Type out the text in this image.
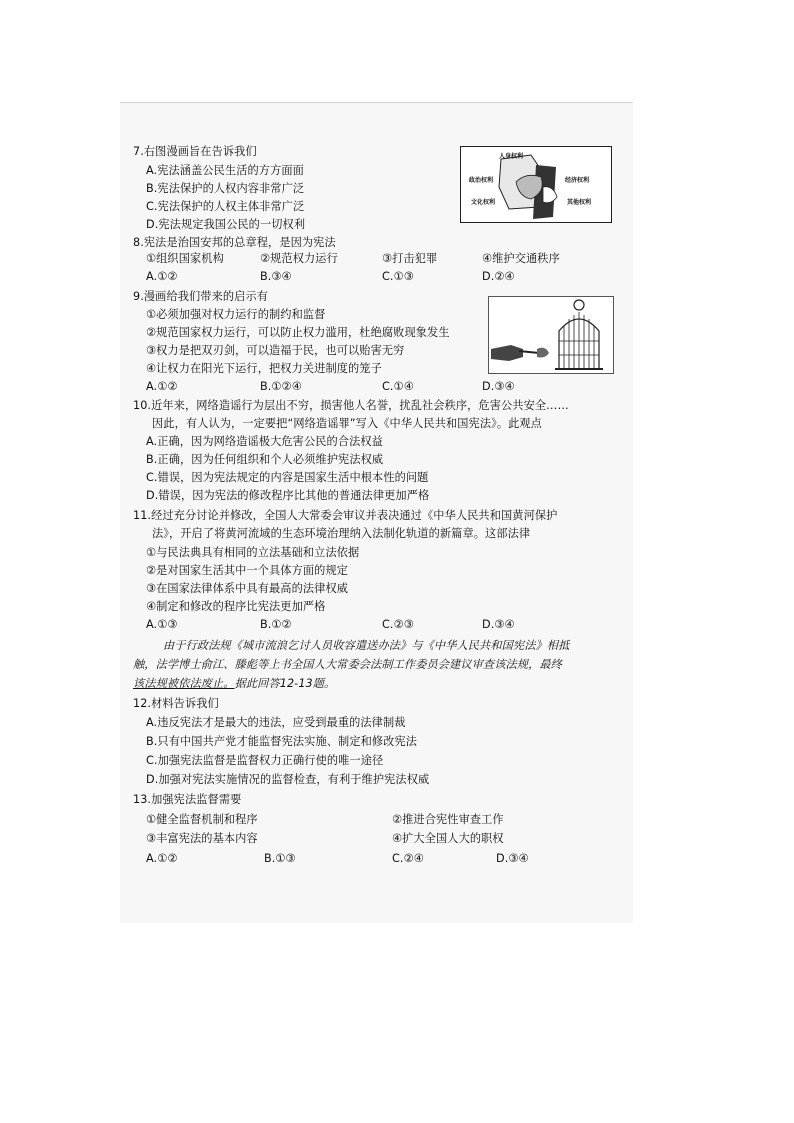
7.右图漫画旨在告诉我们
A.宪法涵盖公民生活的方方面面
B.宪法保护的人权内容非常广泛
C.宪法保护的人权主体非常广泛
D.宪法规定我国公民的一切权利
人身权利
政治权利
文化权利
经济权利
其他权利
8.宪法是治国安邦的总章程，是因为宪法
①组织国家机构	②规范权力运行	③打击犯罪	④维护交通秩序
A.①②	B.③④	C.①③	D.②④
9.漫画给我们带来的启示有
①必须加强对权力运行的制约和监督
②规范国家权力运行，可以防止权力滥用，杜绝腐败现象发生
③权力是把双刃剑，可以造福于民，也可以贻害无穷
④让权力在阳光下运行，把权力关进制度的笼子
A.①②	B.①②④	C.①④	D.③④
10.近年来，网络造谣行为层出不穷，损害他人名誉，扰乱社会秩序，危害公共安全……
因此，有人认为，一定要把“网络造谣罪”写入《中华人民共和国宪法》。此观点
A.正确，因为网络造谣极大危害公民的合法权益
B.正确，因为任何组织和个人必须维护宪法权威
C.错误，因为宪法规定的内容是国家生活中根本性的问题
D.错误，因为宪法的修改程序比其他的普通法律更加严格
11.经过充分讨论并修改，全国人大常委会审议并表决通过《中华人民共和国黄河保护
法》，开启了将黄河流域的生态环境治理纳入法制化轨道的新篇章。这部法律
①与民法典具有相同的立法基础和立法依据
②是对国家生活其中一个具体方面的规定
③在国家法律体系中具有最高的法律权威
④制定和修改的程序比宪法更加严格
A.①③	B.①②	C.②③	D.③④
由于行政法规《城市流浪乞讨人员收容遣送办法》与《中华人民共和国宪法》相抵
触，法学博士俞江、滕彪等上书全国人大常委会法制工作委员会建议审查该法规，最终
该法规被依法废止。据此回答12-13题。
12.材料告诉我们
A.违反宪法才是最大的违法，应受到最重的法律制裁
B.只有中国共产党才能监督宪法实施、制定和修改宪法
C.加强宪法监督是监督权力正确行使的唯一途径
D.加强对宪法实施情况的监督检查，有利于维护宪法权威
13.加强宪法监督需要
①健全监督机制和程序	②推进合宪性审查工作
③丰富宪法的基本内容	④扩大全国人大的职权
A.①②	B.①③	C.②④	D.③④
